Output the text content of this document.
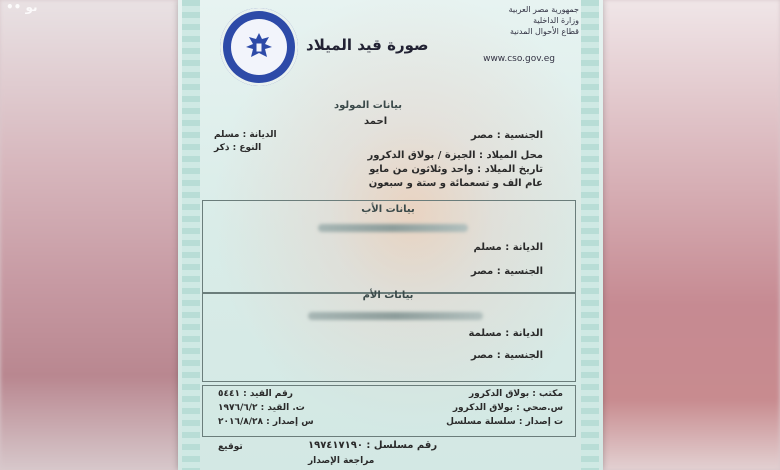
•• ىو
صورة قيد الميلاد
جمهورية مصر العربية
وزارة الداخلية
قطاع الأحوال المدنية
www.cso.gov.eg
بيانات المولود
احمد
الجنسية : مصر
الديانة : مسلم
النوع : ذكر
محل الميلاد : الجيزة / بولاق الدكرور
تاريخ الميلاد : واحد وثلاثون من مايو
عام الف و تسعمائة و ستة و سبعون
بيانات الأب
الديانة : مسلم
الجنسية : مصر
بيانات الأم
الديانة : مسلمة
الجنسية : مصر
مكتب : بولاق الدكرور
س.صحي : بولاق الدكرور
ت إصدار : سلسلة مسلسل
رقم القيد : ٥٤٤١
ت. القيد : ١٩٧٦/٦/٢
س إصدار : ٢٠١٦/٨/٢٨
رقم مسلسل : ١٩٧٤١٧١٩٠
توقيع
مراجعة الإصدار
